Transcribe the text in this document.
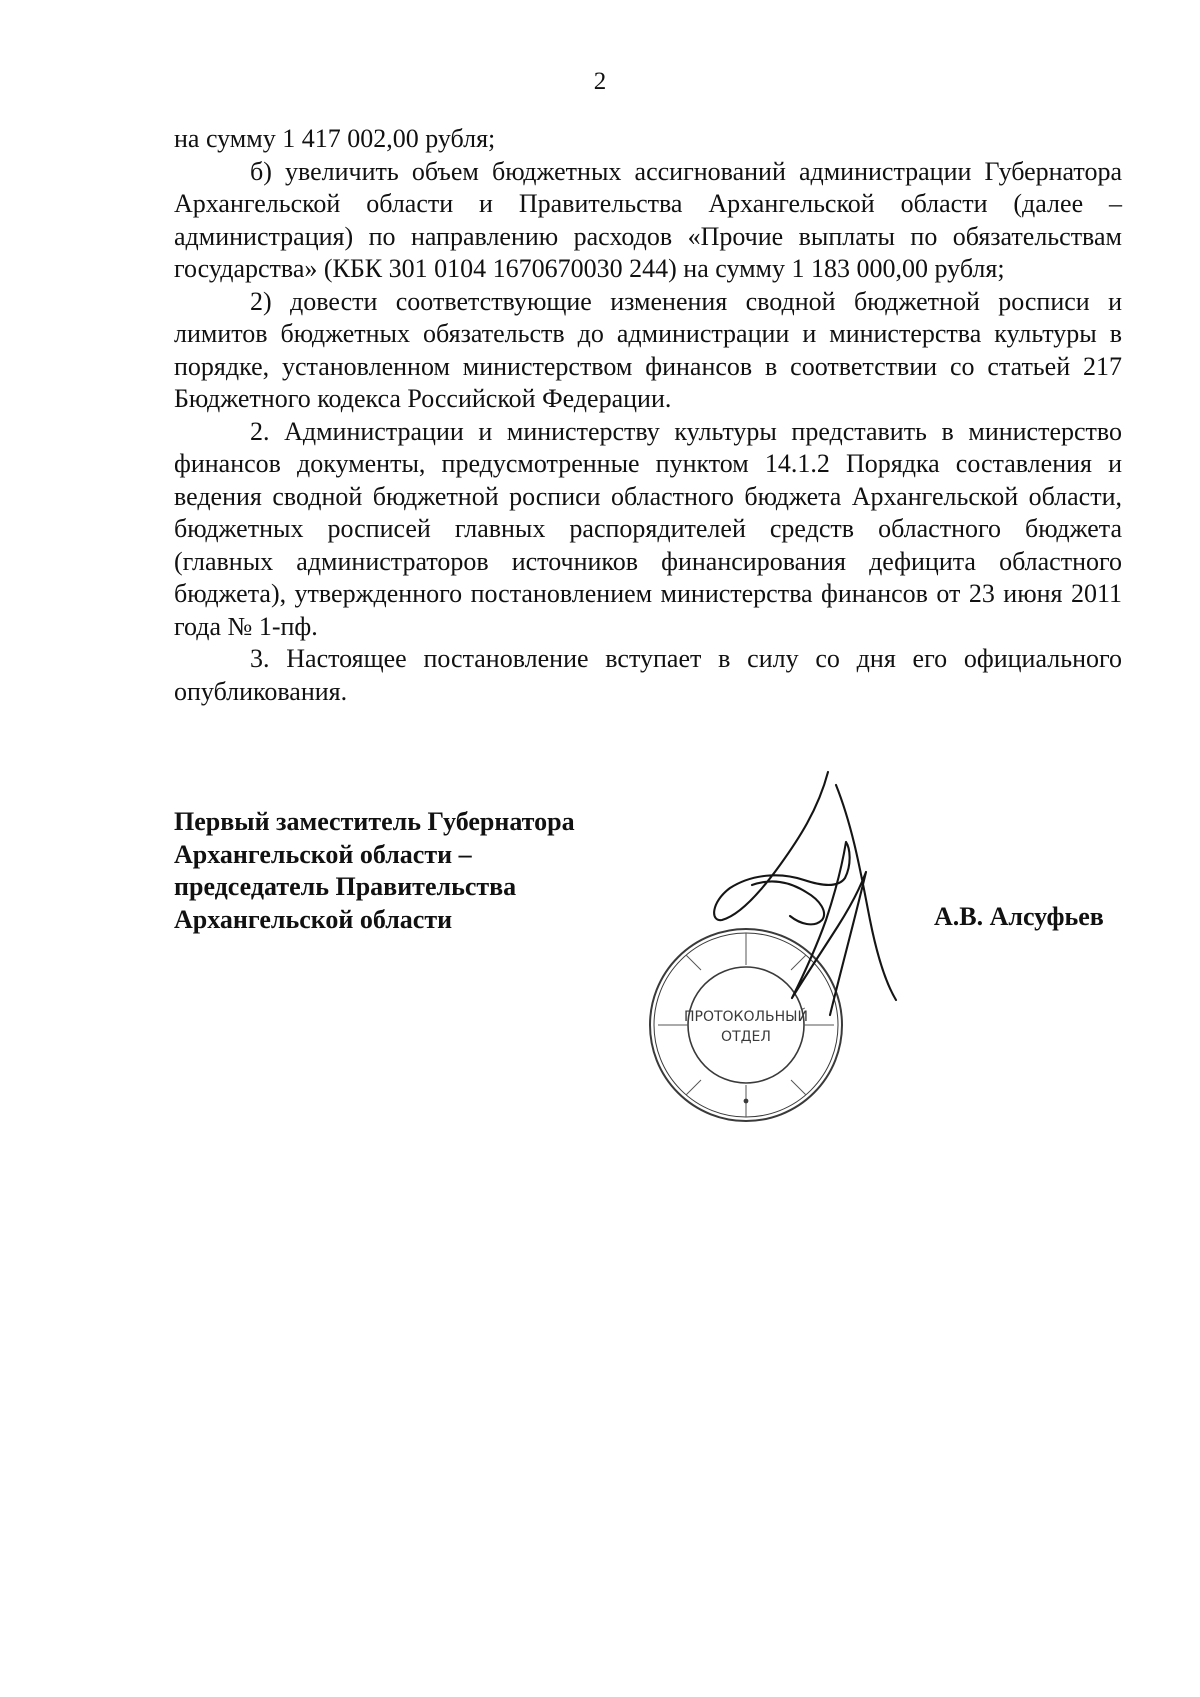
2

на сумму 1 417 002,00 рубля;

б) увеличить объем бюджетных ассигнований администрации Губернатора Архангельской области и Правительства Архангельской области (далее – администрация) по направлению расходов «Прочие выплаты по обязательствам государства» (КБК 301 0104 1670670030 244) на сумму 1 183 000,00 рубля;

2) довести соответствующие изменения сводной бюджетной росписи и лимитов бюджетных обязательств до администрации и министерства культуры в порядке, установленном министерством финансов в соответствии со статьей 217 Бюджетного кодекса Российской Федерации.

2. Администрации и министерству культуры представить в министерство финансов документы, предусмотренные пунктом 14.1.2 Порядка составления и ведения сводной бюджетной росписи областного бюджета Архангельской области, бюджетных росписей главных распорядителей средств областного бюджета (главных администраторов источников финансирования дефицита областного бюджета), утвержденного постановлением министерства финансов от 23 июня 2011 года № 1-пф.

3. Настоящее постановление вступает в силу со дня его официального опубликования.

Первый заместитель Губернатора
Архангельской области –
председатель Правительства
Архангельской области
ПРОТОКОЛЬНЫЙ
ОТДЕЛ
А.В. Алсуфьев
